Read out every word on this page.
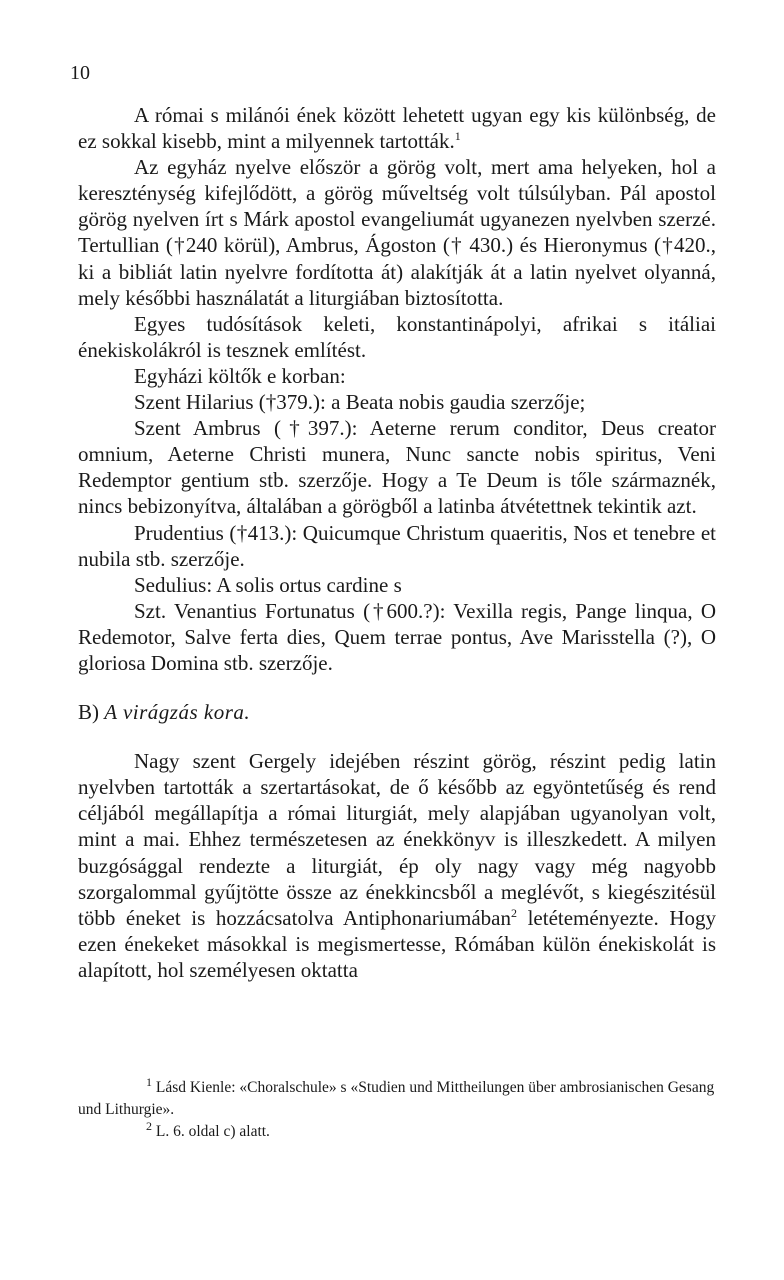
10

A római s milánói ének között lehetett ugyan egy kis különbség, de ez sokkal kisebb, mint a milyennek tartották.$^1$

Az egyház nyelve először a görög volt, mert ama helyeken, hol a kereszténység kifejlődött, a görög műveltség volt túlsúlyban. Pál apostol görög nyelven írt s Márk apostol evangeliumát ugyanezen nyelvben szerzé. Tertullian (†240 körül), Ambrus, Ágoston († 430.) és Hieronymus (†420., ki a bibliát latin nyelvre fordította át) alakítják át a latin nyelvet olyanná, mely későbbi használatát a liturgiában biztosította.

Egyes tudósítások keleti, konstantinápolyi, afrikai s itáliai énekiskolákról is tesznek említést.

Egyházi költők e korban:

Szent Hilarius (†379.): a Beata nobis gaudia szerzője;

Szent Ambrus (†397.): Aeterne rerum conditor, Deus creator omnium, Aeterne Christi munera, Nunc sancte nobis spiritus, Veni Redemptor gentium stb. szerzője. Hogy a Te Deum is tőle származnék, nincs bebizonyítva, általában a görögből a latinba átvétettnek tekintik azt.

Prudentius (†413.): Quicumque Christum quaeritis, Nos et tenebre et nubila stb. szerzője.

Sedulius: A solis ortus cardine s

Szt. Venantius Fortunatus (†600.?): Vexilla regis, Pange linqua, O Redemotor, Salve ferta dies, Quem terrae pontus, Ave Marisstella (?), O gloriosa Domina stb. szerzője.

B) A virágzás kora.

Nagy szent Gergely idejében részint görög, részint pedig latin nyelvben tartották a szertartásokat, de ő később az egyöntetűség és rend céljából megállapítja a római liturgiát, mely alapjában ugyanolyan volt, mint a mai. Ehhez természetesen az énekkönyv is illeszkedett. A milyen buzgósággal rendezte a liturgiát, ép oly nagy vagy még nagyobb szorgalommal gyűjtötte össze az énekkincsből a meglévőt, s kiegészitésül több éneket is hozzácsatolva Antiphonariumában$^2$ letéteményezte. Hogy ezen énekeket másokkal is megismertesse, Rómában külön énekiskolát is alapított, hol személyesen oktatta

$^1$ Lásd Kienle: «Choralschule» s «Studien und Mittheilungen über ambrosianischen Gesang und Lithurgie».

$^2$ L. 6. oldal c) alatt.
